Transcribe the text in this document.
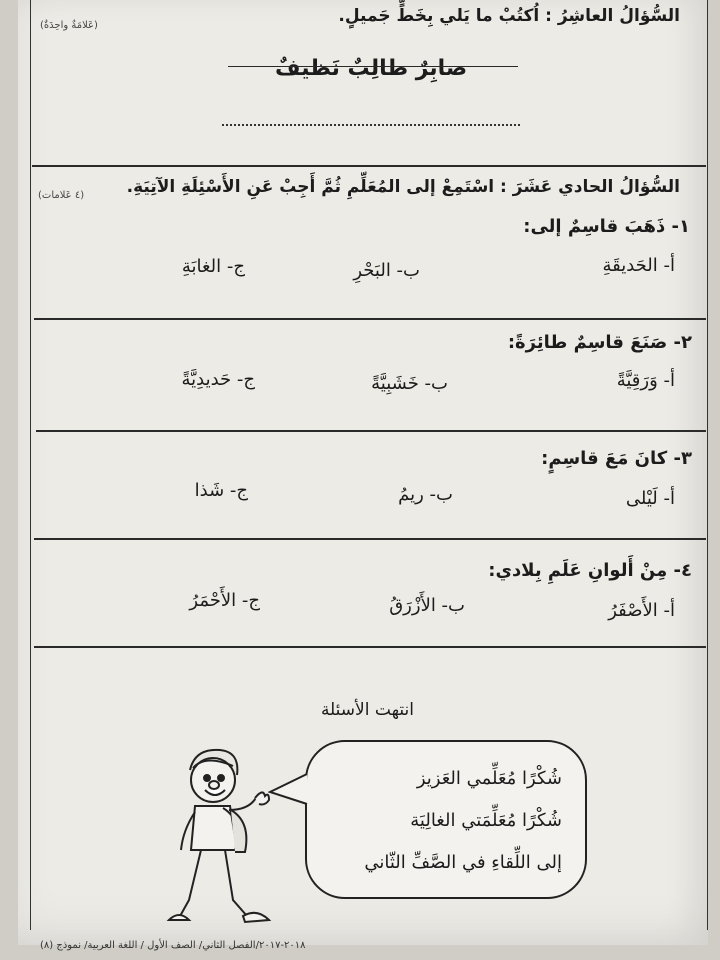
السُّؤالُ العاشِرُ : اُكتُبْ ما يَلي بِخَطٍّ جَميلٍ.
(عَلامَةٌ واحِدَةٌ)
صابِرٌ طالِبٌ نَظيفٌ
السُّؤالُ الحادي عَشَرَ : اسْتَمِعْ إلى المُعَلِّمِ ثُمَّ أَجِبْ عَنِ الأَسْئِلَةِ الآتِيَةِ.
(٤ عَلامات)
١- ذَهَبَ قاسِمٌ إلى:
أ- الحَديقَةِ
ب- البَحْرِ
ج- الغابَةِ
٢- صَنَعَ قاسِمٌ طائِرَةً:
أ- وَرَقِيَّةً
ب- خَشَبِيَّةً
ج- حَديدِيَّةً
٣- كانَ مَعَ قاسِمٍ:
أ- لَيْلى
ب- ريمُ
ج- شَذا
٤- مِنْ أَلوانِ عَلَمِ بِلادي:
أ- الأَصْفَرُ
ب- الأَزْرَقُ
ج- الأَحْمَرُ
انتهت الأسئلة
شُكْرًا مُعَلِّمي العَزيز
شُكْرًا مُعَلِّمَتي الغالِيَة
إلى اللِّقاءِ في الصَّفِّ الثّاني
٢٠١٨-٢٠١٧/الفصل الثاني/ الصف الأول / اللغة العربية/ نموذج (٨)
